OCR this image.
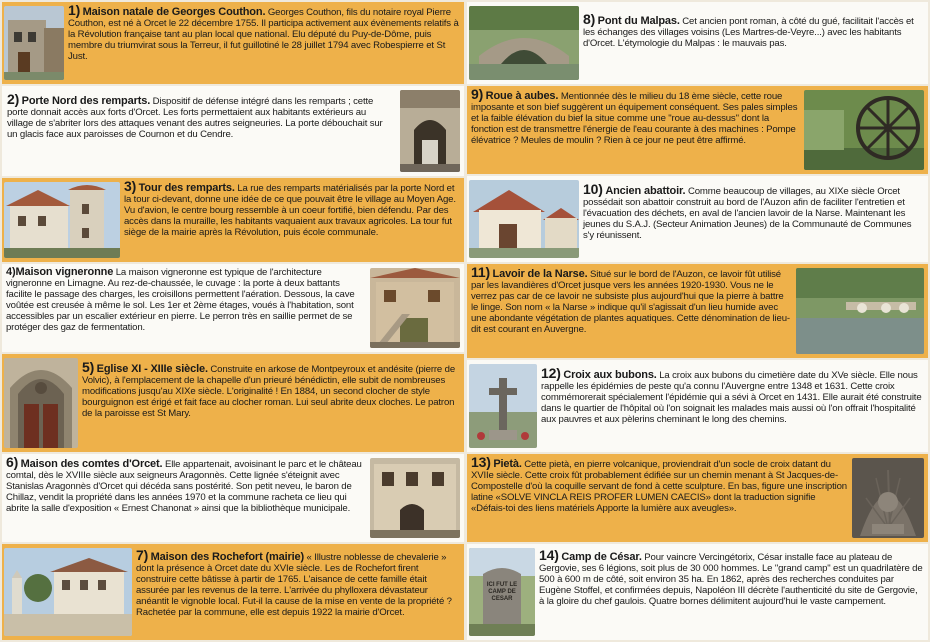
1) Maison natale de Georges Couthon. Georges Couthon, fils du notaire royal Pierre Couthon, est né à Orcet le 22 décembre 1755. Il participa activement aux évènements relatifs à la Révolution française tant au plan local que national. Elu député du Puy-de-Dôme, puis membre du triumvirat sous la Terreur, il fut guillotiné le 28 juillet 1794 avec Robespierre et St Just.
2) Porte Nord des remparts. Dispositif de défense intégré dans les remparts ; cette porte donnait accès aux forts d'Orcet. Les forts permettaient aux habitants extérieurs au village de s'abriter lors des attaques venant des autres seigneuries. La porte débouchait sur un glacis face aux paroisses de Cournon et du Cendre.
3) Tour des remparts. La rue des remparts matérialisés par la porte Nord et la tour ci-devant, donne une idée de ce que pouvait être le village au Moyen Age. Vu d'avion, le centre bourg ressemble à un coeur fortifié, bien défendu. Par des accès dans la muraille, les habitants vaquaient aux travaux agricoles. La tour fut siège de la mairie après la Révolution, puis école communale.
4)Maison vigneronne La maison vigneronne est typique de l'architecture vigneronne en Limagne. Au rez-de-chaussée, le cuvage : la porte à deux battants facilite le passage des charges, les croisillons permettent l'aération. Dessous, la cave voûtée est creusée à même le sol. Les 1er et 2ème étages, voués à l'habitation, sont accessibles par un escalier extérieur en pierre. Le perron très en saillie permet de se protéger des gaz de fermentation.
5) Eglise XI - XIIIe siècle. Construite en arkose de Montpeyroux et andésite (pierre de Volvic), à l'emplacement de la chapelle d'un prieuré bénédictin, elle subit de nombreuses modifications jusqu'au XIXe siècle. L'originalité ! En 1884, un second clocher de style bourguignon est érigé et fait face au clocher roman. Lui seul abrite deux cloches. Le patron de la paroisse est St Mary.
6) Maison des comtes d'Orcet. Elle appartenait, avoisinant le parc et le château comtal, dès le XVIIIe siècle aux seigneurs Aragonnès. Cette lignée s'éteignit avec Stanislas Aragonnès d'Orcet qui décéda sans postérité. Son petit neveu, le baron de Chillaz, vendit la propriété dans les années 1970 et la commune racheta ce lieu qui abrite la salle d'exposition « Ernest Chanonat » ainsi que la bibliothèque municipale.
7) Maison des Rochefort (mairie) « Illustre noblesse de chevalerie » dont la présence à Orcet date du XVIe siècle. Les de Rochefort firent construire cette bâtisse à partir de 1765. L'aisance de cette famille était assurée par les revenus de la terre. L'arrivée du phylloxera dévastateur anéantit le vignoble local. Fut-il la cause de la mise en vente de la propriété ? Rachetée par la commune, elle est depuis 1922 la mairie d'Orcet.
8) Pont du Malpas. Cet ancien pont roman, à côté du gué, facilitait l'accès et les échanges des villages voisins (Les Martres-de-Veyre...) avec les habitants d'Orcet. L'étymologie du Malpas : le mauvais pas.
9) Roue à aubes. Mentionnée dès le milieu du 18 ème siècle, cette roue imposante et son bief suggèrent un équipement conséquent. Ses pales simples et la faible élévation du bief la situe comme une "roue au-dessus" dont la fonction est de transmettre l'énergie de l'eau courante à des machines : Pompe élévatrice ? Meules de moulin ? Rien à ce jour ne peut être affirmé.
10) Ancien abattoir. Comme beaucoup de villages, au XIXe siècle Orcet possédait son abattoir construit au bord de l'Auzon afin de faciliter l'entretien et l'évacuation des déchets, en aval de l'ancien lavoir de la Narse. Maintenant les jeunes du S.A.J. (Secteur Animation Jeunes) de la Communauté de Communes s'y réunissent.
11) Lavoir de la Narse. Situé sur le bord de l'Auzon, ce lavoir fût utilisé par les lavandières d'Orcet jusque vers les années 1920-1930. Vous ne le verrez pas car de ce lavoir ne subsiste plus aujourd'hui que la pierre à battre le linge. Son nom « la Narse » indique qu'il s'agissait d'un lieu humide avec une abondante végétation de plantes aquatiques. Cette dénomination de lieu-dit est courant en Auvergne.
12) Croix aux bubons. La croix aux bubons du cimetière date du XVe siècle. Elle nous rappelle les épidémies de peste qu'a connu l'Auvergne entre 1348 et 1631. Cette croix commémorerait spécialement l'épidémie qui a sévi à Orcet en 1431. Elle aurait été construite dans le quartier de l'hôpital où l'on soignait les malades mais aussi où l'on offrait l'hospitalité aux pauvres et aux pèlerins cheminant le long des chemins.
13) Pietà. Cette pietà, en pierre volcanique, proviendrait d'un socle de croix datant du XVIIe siècle. Cette croix fût probablement édifiée sur un chemin menant à St Jacques-de-Compostelle d'où la coquille servant de fond à cette sculpture. En bas, figure une inscription latine «SOLVE VINCLA REIS PROFER LUMEN CAECIS» dont la traduction signifie «Défais-toi des liens matériels Apporte la lumière aux aveugles».
ICI FUT LE CAMP DE CESAR
14) Camp de César. Pour vaincre Vercingétorix, César installe face au plateau de Gergovie, ses 6 légions, soit plus de 30 000 hommes. Le "grand camp" est un quadrilatère de 500 à 600 m de côté, soit environ 35 ha. En 1862, après des recherches conduites par Eugène Stoffel, et confirmées depuis, Napoléon III décrète l'authenticité du site de Gergovie, à la gloire du chef gaulois. Quatre bornes délimitent aujourd'hui le vaste campement.
